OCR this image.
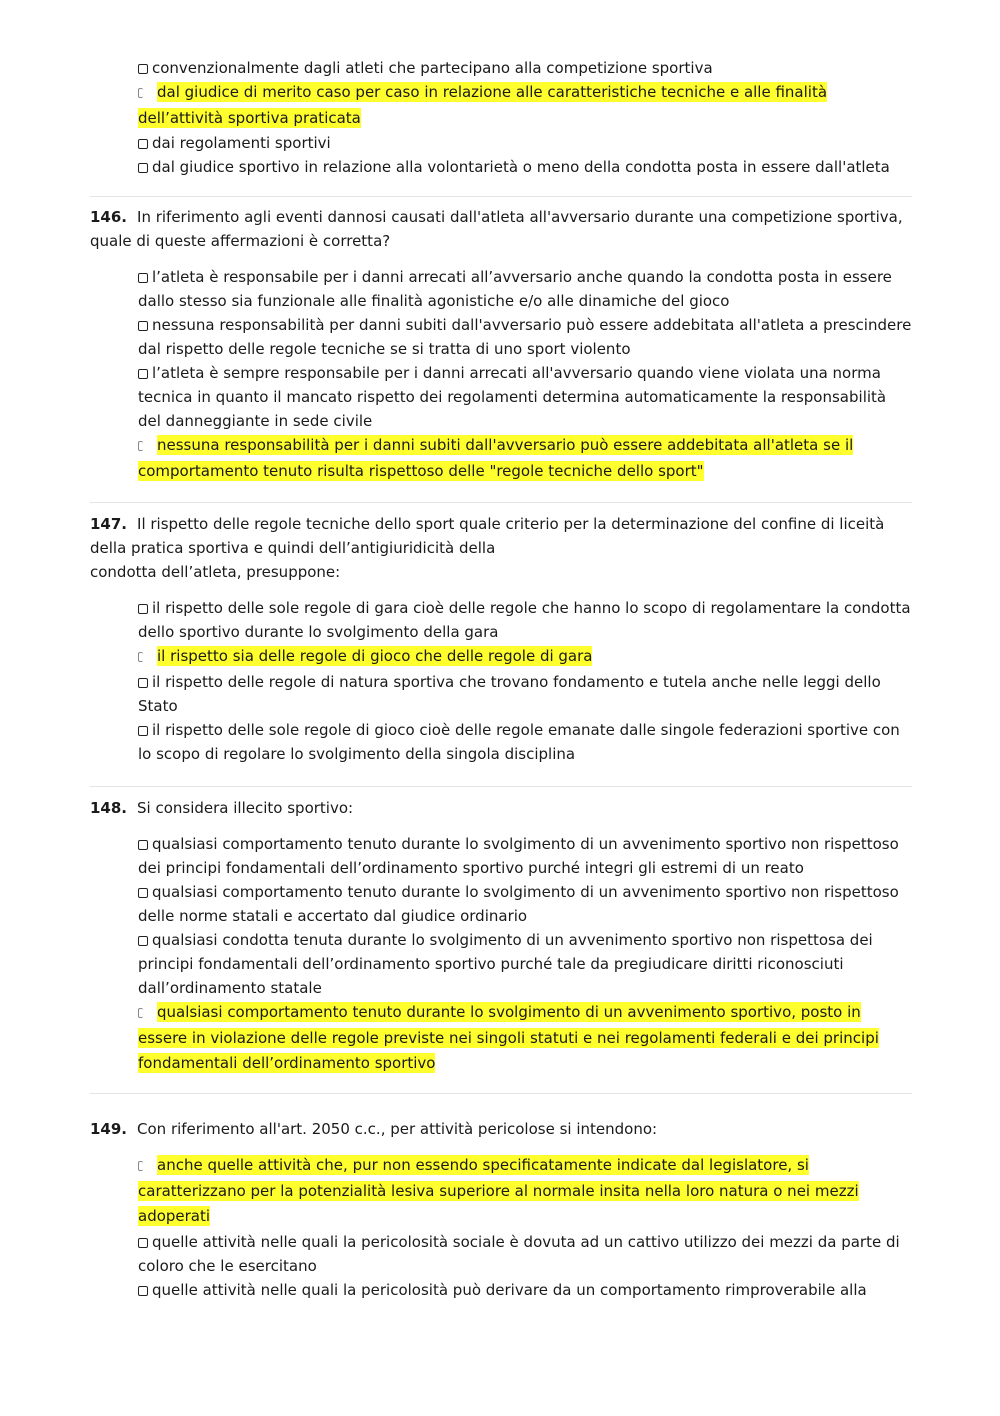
convenzionalmente dagli atleti che partecipano alla competizione sportiva
dal giudice di merito caso per caso in relazione alle caratteristiche tecniche e alle finalità dell’attività sportiva praticata
dai regolamenti sportivi
dal giudice sportivo in relazione alla volontarietà o meno della condotta posta in essere dall'atleta

146. In riferimento agli eventi dannosi causati dall'atleta all'avversario durante una competizione sportiva, quale di queste affermazioni è corretta?

l’atleta è responsabile per i danni arrecati all’avversario anche quando la condotta posta in essere dallo stesso sia funzionale alle finalità agonistiche e/o alle dinamiche del gioco
nessuna responsabilità per danni subiti dall'avversario può essere addebitata all'atleta a prescindere dal rispetto delle regole tecniche se si tratta di uno sport violento
l’atleta è sempre responsabile per i danni arrecati all'avversario quando viene violata una norma tecnica in quanto il mancato rispetto dei regolamenti determina automaticamente la responsabilità del danneggiante in sede civile
nessuna responsabilità per i danni subiti dall'avversario può essere addebitata all'atleta se il comportamento tenuto risulta rispettoso delle "regole tecniche dello sport"

147. Il rispetto delle regole tecniche dello sport quale criterio per la determinazione del confine di liceità della pratica sportiva e quindi dell’antigiuridicità della
condotta dell’atleta, presuppone:

il rispetto delle sole regole di gara cioè delle regole che hanno lo scopo di regolamentare la condotta dello sportivo durante lo svolgimento della gara
il rispetto sia delle regole di gioco che delle regole di gara
il rispetto delle regole di natura sportiva che trovano fondamento e tutela anche nelle leggi dello Stato
il rispetto delle sole regole di gioco cioè delle regole emanate dalle singole federazioni sportive con lo scopo di regolare lo svolgimento della singola disciplina

148. Si considera illecito sportivo:

qualsiasi comportamento tenuto durante lo svolgimento di un avvenimento sportivo non rispettoso dei principi fondamentali dell’ordinamento sportivo purché integri gli estremi di un reato
qualsiasi comportamento tenuto durante lo svolgimento di un avvenimento sportivo non rispettoso delle norme statali e accertato dal giudice ordinario
qualsiasi condotta tenuta durante lo svolgimento di un avvenimento sportivo non rispettosa dei principi fondamentali dell’ordinamento sportivo purché tale da pregiudicare diritti riconosciuti dall’ordinamento statale
qualsiasi comportamento tenuto durante lo svolgimento di un avvenimento sportivo, posto in essere in violazione delle regole previste nei singoli statuti e nei regolamenti federali e dei principi fondamentali dell’ordinamento sportivo

149. Con riferimento all'art. 2050 c.c., per attività pericolose si intendono:

anche quelle attività che, pur non essendo specificatamente indicate dal legislatore, si caratterizzano per la potenzialità lesiva superiore al normale insita nella loro natura o nei mezzi adoperati
quelle attività nelle quali la pericolosità sociale è dovuta ad un cattivo utilizzo dei mezzi da parte di coloro che le esercitano
quelle attività nelle quali la pericolosità può derivare da un comportamento rimproverabile alla
